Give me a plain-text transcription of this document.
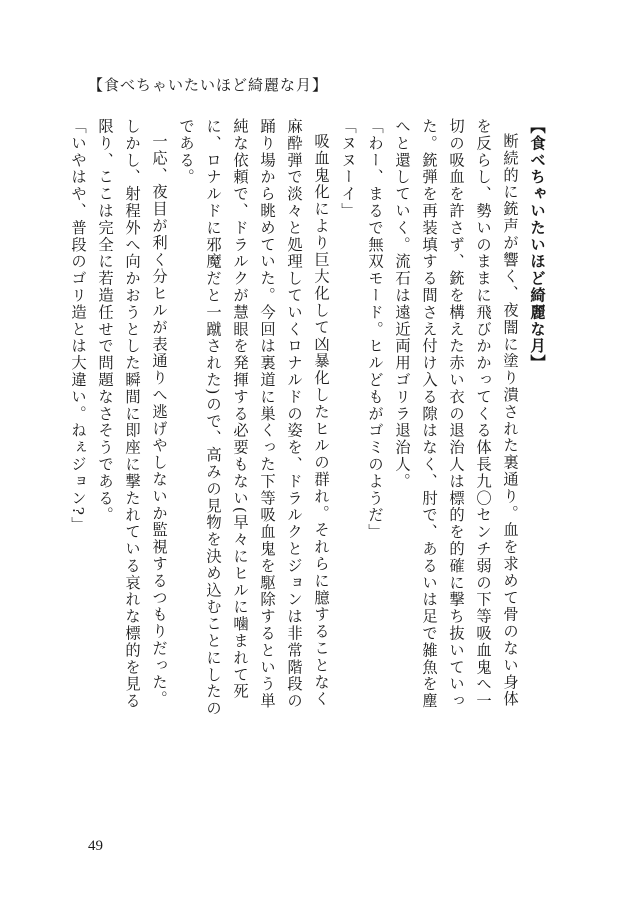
【食べちゃいたいほど綺麗な月】

【食べちゃいたいほど綺麗な月】

断続的に銃声が響く、夜闇に塗り潰された裏通り。血を求めて骨のない身体を反らし、勢いのままに飛びかかってくる体長九〇センチ弱の下等吸血鬼へ一切の吸血を許さず、銃を構えた赤い衣の退治人は標的を的確に撃ち抜いていった。銃弾を再装填する間さえ付け入る隙はなく、肘で、あるいは足で雑魚を塵へと還していく。流石は遠近両用ゴリラ退治人。

「わー、まるで無双モード。ヒルどもがゴミのようだ」

「ヌヌーイ」

吸血鬼化により巨大化して凶暴化したヒルの群れ。それらに臆することなく麻酔弾で淡々と処理していくロナルドの姿を、ドラルクとジョンは非常階段の踊り場から眺めていた。今回は裏道に巣くった下等吸血鬼を駆除するという単純な依頼で、ドラルクが慧眼を発揮する必要もない(早々にヒルに噛まれて死に、ロナルドに邪魔だと一蹴された)ので、高みの見物を決め込むことにしたのである。

一応、夜目が利く分ヒルが表通りへ逃げやしないか監視するつもりだった。しかし、射程外へ向かおうとした瞬間に即座に撃たれている哀れな標的を見る限り、ここは完全に若造任せで問題なさそうである。

「いやはや、普段のゴリ造とは大違い。ねぇジョン?」

49
